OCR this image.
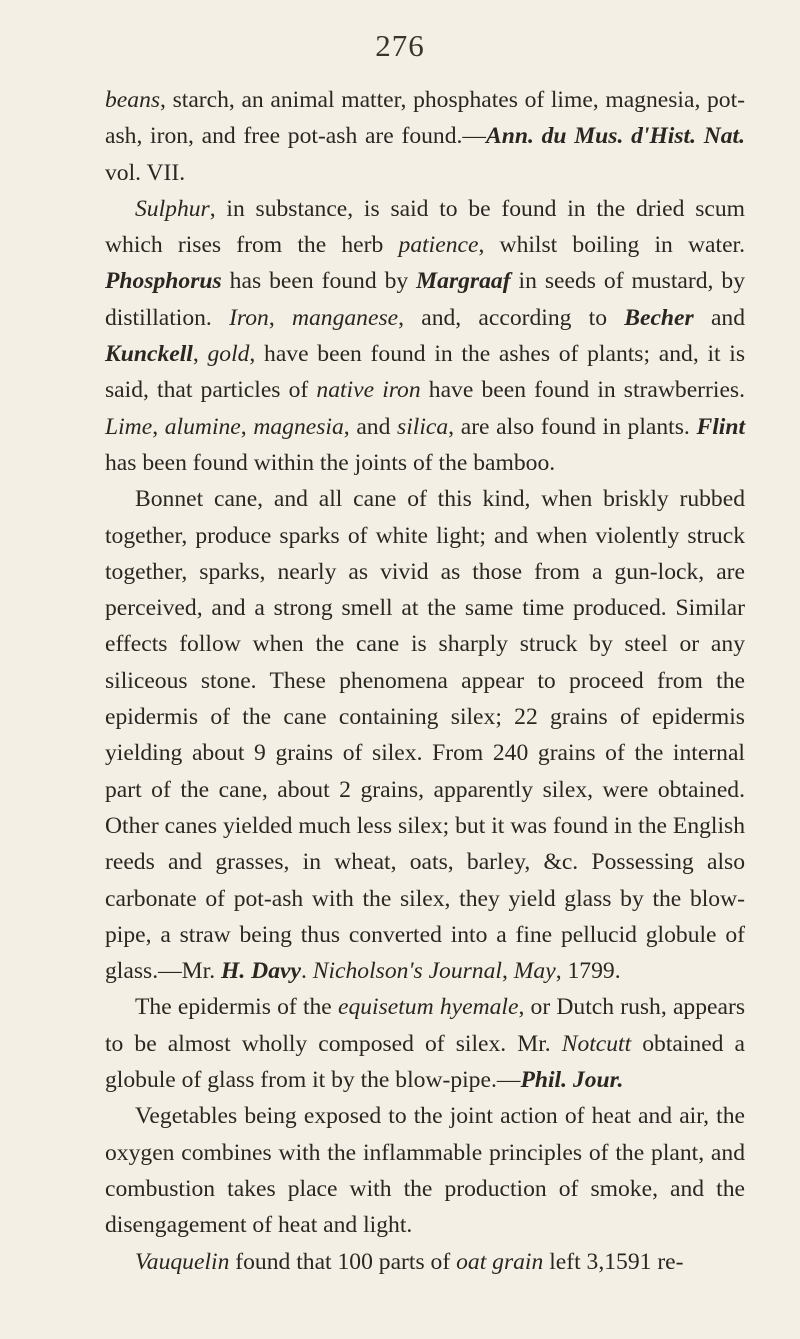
276

beans, starch, an animal matter, phosphates of lime, magnesia, pot-ash, iron, and free pot-ash are found.—Ann. du Mus. d'Hist. Nat. vol. VII.

Sulphur, in substance, is said to be found in the dried scum which rises from the herb patience, whilst boiling in water. Phosphorus has been found by Margraaf in seeds of mustard, by distillation. Iron, manganese, and, according to Becher and Kunckell, gold, have been found in the ashes of plants; and, it is said, that particles of native iron have been found in strawberries. Lime, alumine, magnesia, and silica, are also found in plants. Flint has been found within the joints of the bamboo.

Bonnet cane, and all cane of this kind, when briskly rubbed together, produce sparks of white light; and when violently struck together, sparks, nearly as vivid as those from a gun-lock, are perceived, and a strong smell at the same time produced. Similar effects follow when the cane is sharply struck by steel or any siliceous stone. These phenomena appear to proceed from the epidermis of the cane containing silex; 22 grains of epidermis yielding about 9 grains of silex. From 240 grains of the internal part of the cane, about 2 grains, apparently silex, were obtained. Other canes yielded much less silex; but it was found in the English reeds and grasses, in wheat, oats, barley, &c. Possessing also carbonate of pot-ash with the silex, they yield glass by the blow-pipe, a straw being thus converted into a fine pellucid globule of glass.—Mr. H. Davy. Nicholson's Journal, May, 1799.

The epidermis of the equisetum hyemale, or Dutch rush, appears to be almost wholly composed of silex. Mr. Notcutt obtained a globule of glass from it by the blow-pipe.—Phil. Jour.

Vegetables being exposed to the joint action of heat and air, the oxygen combines with the inflammable principles of the plant, and combustion takes place with the production of smoke, and the disengagement of heat and light.

Vauquelin found that 100 parts of oat grain left 3,1591 re-
